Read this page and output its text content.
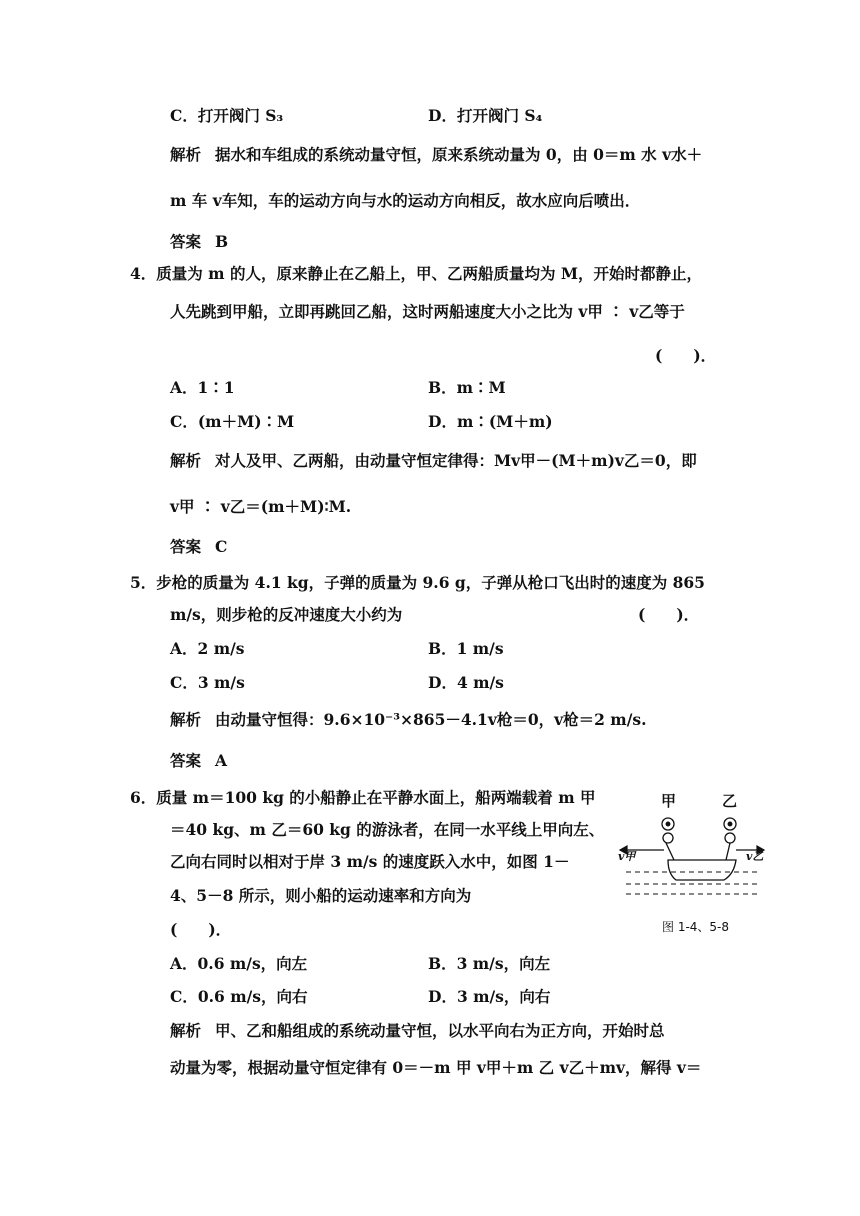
C．打开阀门 S₃	D．打开阀门 S₄
解析 据水和车组成的系统动量守恒，原来系统动量为 0，由 0＝m 水 v水＋
m 车 v车知，车的运动方向与水的运动方向相反，故水应向后喷出．
答案 B
4．质量为 m 的人，原来静止在乙船上，甲、乙两船质量均为 M，开始时都静止，
人先跳到甲船，立即再跳回乙船，这时两船速度大小之比为 v甲 ∶ v乙等于
(　　)．
A．1∶1	B．m∶M
C．(m＋M)∶M	D．m∶(M＋m)
解析 对人及甲、乙两船，由动量守恒定律得：Mv甲－(M＋m)v乙＝0，即
v甲 ∶ v乙＝(m＋M)∶M.
答案 C
5．步枪的质量为 4.1 kg，子弹的质量为 9.6 g，子弹从枪口飞出时的速度为 865
m/s，则步枪的反冲速度大小约为	(　　)．
A．2 m/s	B．1 m/s
C．3 m/s	D．4 m/s
解析 由动量守恒得：9.6×10⁻³×865－4.1v枪＝0，v枪＝2 m/s.
答案 A
6．质量 m＝100 kg 的小船静止在平静水面上，船两端载着 m 甲
＝40 kg、m 乙＝60 kg 的游泳者，在同一水平线上甲向左、
乙向右同时以相对于岸 3 m/s 的速度跃入水中，如图 1－
4、5－8 所示，则小船的运动速率和方向为
(　　)．
A．0.6 m/s，向左	B．3 m/s，向左
C．0.6 m/s，向右	D．3 m/s，向右
解析 甲、乙和船组成的系统动量守恒，以水平向右为正方向，开始时总
动量为零，根据动量守恒定律有 0＝－m 甲 v甲＋m 乙 v乙＋mv，解得 v＝
甲	乙
v甲	v乙
图 1-4、5-8
